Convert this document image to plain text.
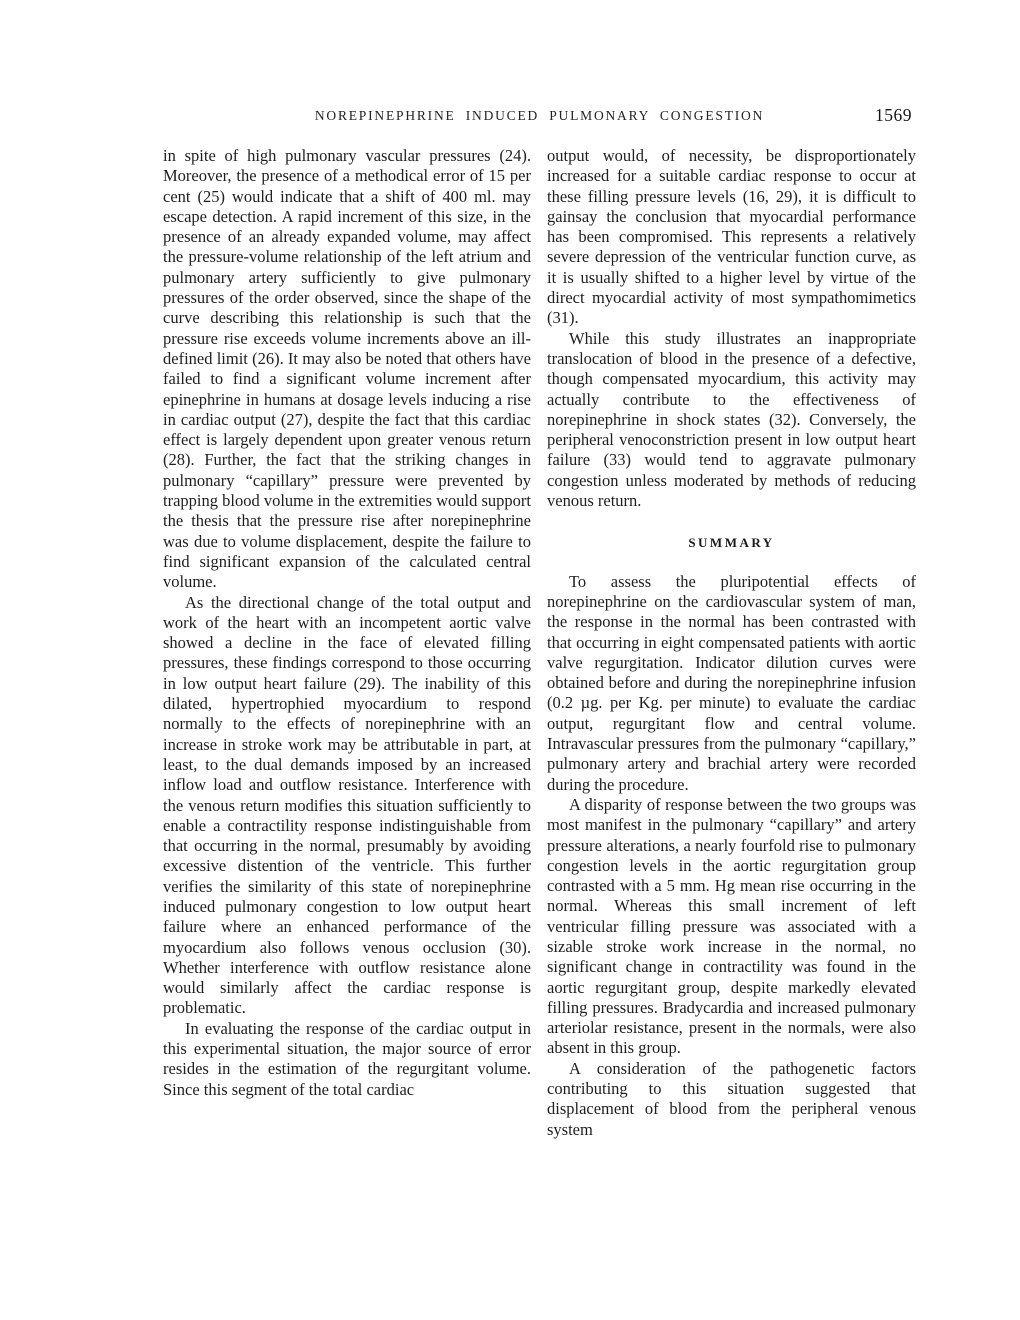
NOREPINEPHRINE INDUCED PULMONARY CONGESTION	1569

in spite of high pulmonary vascular pressures (24). Moreover, the presence of a methodical error of 15 per cent (25) would indicate that a shift of 400 ml. may escape detection. A rapid increment of this size, in the presence of an already expanded volume, may affect the pressure-volume relationship of the left atrium and pulmonary artery sufficiently to give pulmonary pressures of the order observed, since the shape of the curve describing this relationship is such that the pressure rise exceeds volume increments above an ill-defined limit (26). It may also be noted that others have failed to find a significant volume increment after epinephrine in humans at dosage levels inducing a rise in cardiac output (27), despite the fact that this cardiac effect is largely dependent upon greater venous return (28). Further, the fact that the striking changes in pulmonary “capillary” pressure were prevented by trapping blood volume in the extremities would support the thesis that the pressure rise after norepinephrine was due to volume displacement, despite the failure to find significant expansion of the calculated central volume.

As the directional change of the total output and work of the heart with an incompetent aortic valve showed a decline in the face of elevated filling pressures, these findings correspond to those occurring in low output heart failure (29). The inability of this dilated, hypertrophied myocardium to respond normally to the effects of norepinephrine with an increase in stroke work may be attributable in part, at least, to the dual demands imposed by an increased inflow load and outflow resistance. Interference with the venous return modifies this situation sufficiently to enable a contractility response indistinguishable from that occurring in the normal, presumably by avoiding excessive distention of the ventricle. This further verifies the similarity of this state of norepinephrine induced pulmonary congestion to low output heart failure where an enhanced performance of the myocardium also follows venous occlusion (30). Whether interference with outflow resistance alone would similarly affect the cardiac response is problematic.

In evaluating the response of the cardiac output in this experimental situation, the major source of error resides in the estimation of the regurgitant volume. Since this segment of the total cardiac

output would, of necessity, be disproportionately increased for a suitable cardiac response to occur at these filling pressure levels (16, 29), it is difficult to gainsay the conclusion that myocardial performance has been compromised. This represents a relatively severe depression of the ventricular function curve, as it is usually shifted to a higher level by virtue of the direct myocardial activity of most sympathomimetics (31).

While this study illustrates an inappropriate translocation of blood in the presence of a defective, though compensated myocardium, this activity may actually contribute to the effectiveness of norepinephrine in shock states (32). Conversely, the peripheral venoconstriction present in low output heart failure (33) would tend to aggravate pulmonary congestion unless moderated by methods of reducing venous return.

SUMMARY

To assess the pluripotential effects of norepinephrine on the cardiovascular system of man, the response in the normal has been contrasted with that occurring in eight compensated patients with aortic valve regurgitation. Indicator dilution curves were obtained before and during the norepinephrine infusion (0.2 µg. per Kg. per minute) to evaluate the cardiac output, regurgitant flow and central volume. Intravascular pressures from the pulmonary “capillary,” pulmonary artery and brachial artery were recorded during the procedure.

A disparity of response between the two groups was most manifest in the pulmonary “capillary” and artery pressure alterations, a nearly fourfold rise to pulmonary congestion levels in the aortic regurgitation group contrasted with a 5 mm. Hg mean rise occurring in the normal. Whereas this small increment of left ventricular filling pressure was associated with a sizable stroke work increase in the normal, no significant change in contractility was found in the aortic regurgitant group, despite markedly elevated filling pressures. Bradycardia and increased pulmonary arteriolar resistance, present in the normals, were also absent in this group.

A consideration of the pathogenetic factors contributing to this situation suggested that displacement of blood from the peripheral venous system
